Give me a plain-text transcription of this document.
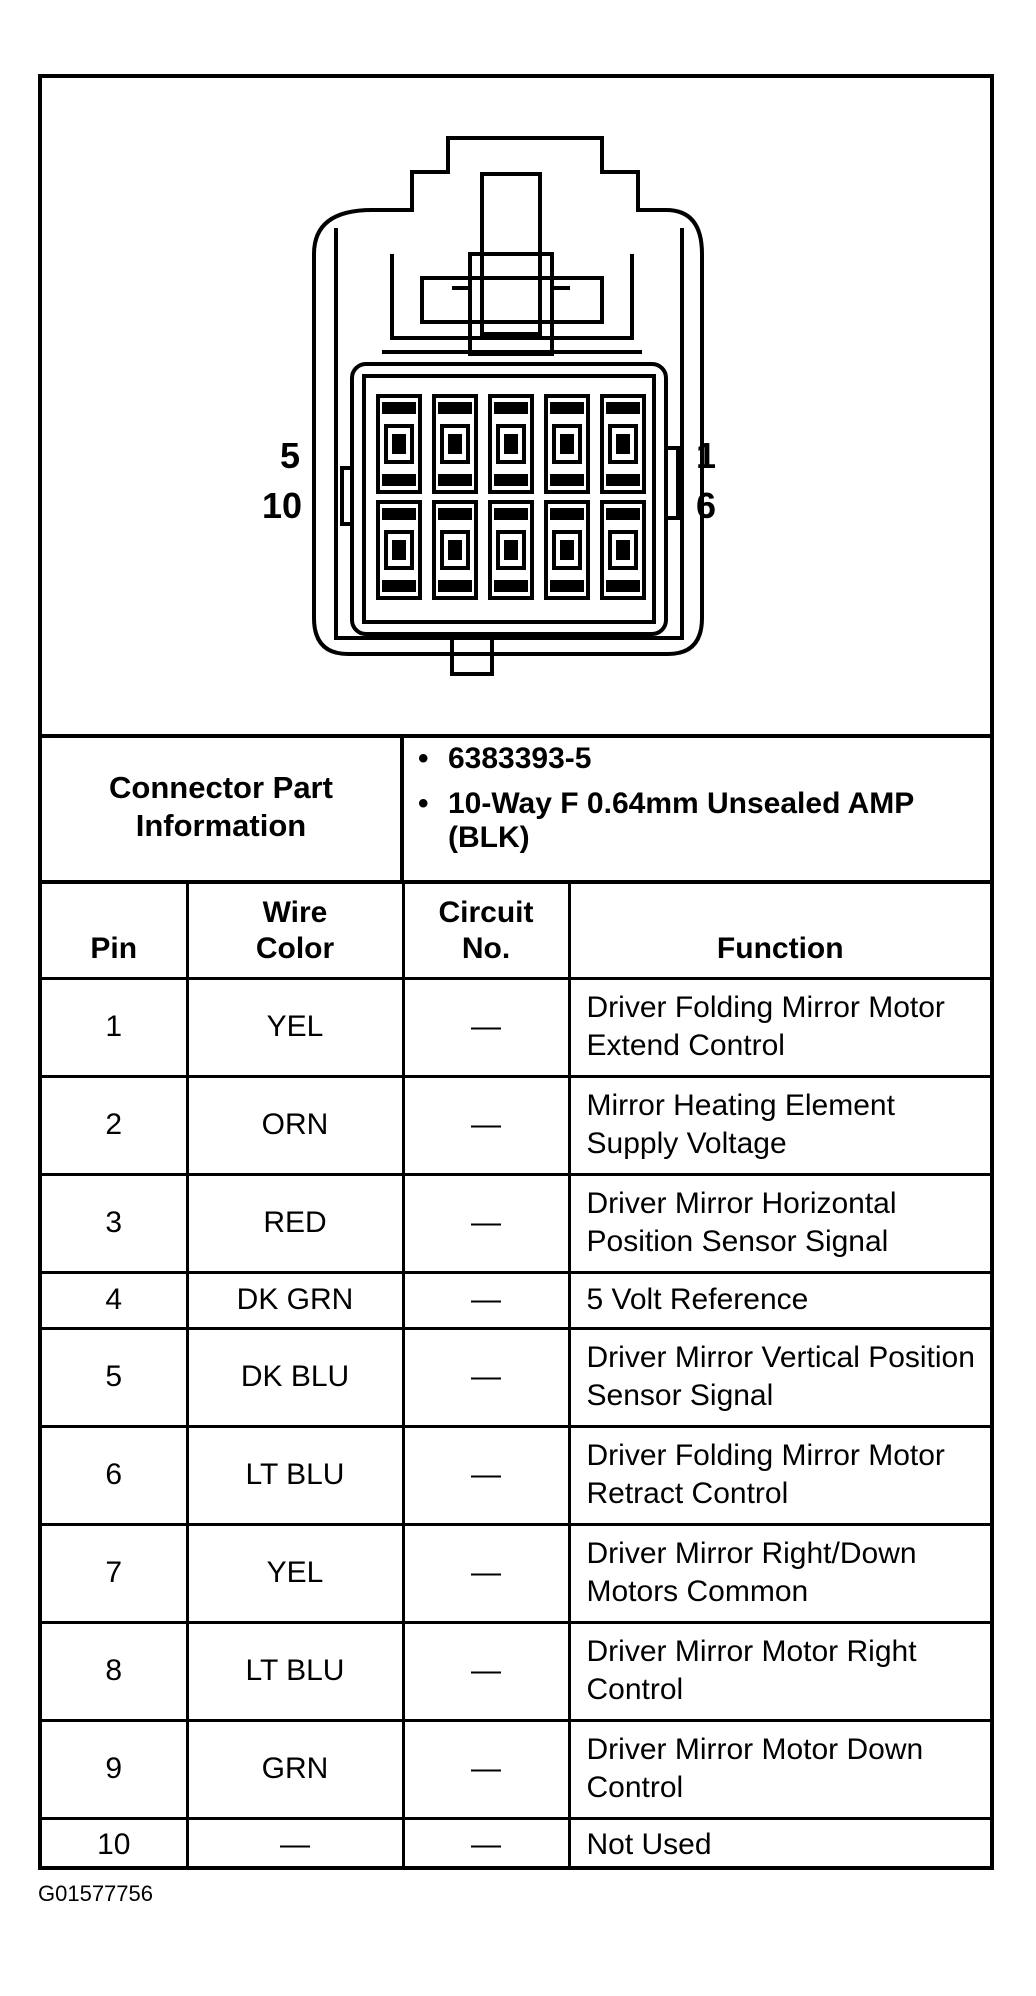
5
10
1
6
Connector Part Information
• 6383393-5
• 10-Way F 0.64mm Unsealed AMP (BLK)
Pin	Wire Color	Circuit No.	Function
1	YEL	—	Driver Folding Mirror Motor Extend Control
2	ORN	—	Mirror Heating Element Supply Voltage
3	RED	—	Driver Mirror Horizontal Position Sensor Signal
4	DK GRN	—	5 Volt Reference
5	DK BLU	—	Driver Mirror Vertical Position Sensor Signal
6	LT BLU	—	Driver Folding Mirror Motor Retract Control
7	YEL	—	Driver Mirror Right/Down Motors Common
8	LT BLU	—	Driver Mirror Motor Right Control
9	GRN	—	Driver Mirror Motor Down Control
10	—	—	Not Used
G01577756
